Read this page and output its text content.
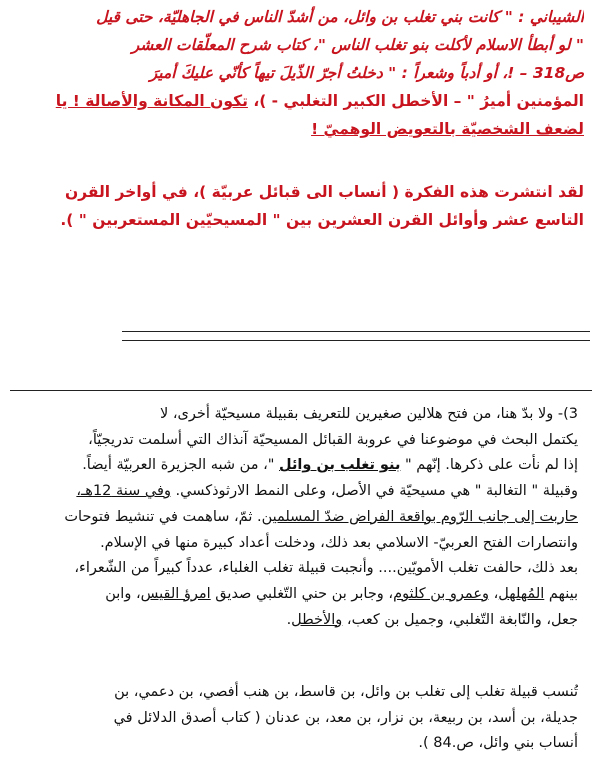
الشيباني : " كانت بني تغلب بن وائل، من أشدّ الناس في الجاهليّة، حتى قيل
" لو أبطأ الاسلام لأكلت بنو تغلب الناس "، كتاب شرح المعلّقات العشر
ص318 – !، أو أدباً وشعراً : " دخلتُ أجرّ الذّيلَ تيهاً كأنّي عليكَ أميرَ
المؤمنين أميرُ " – الأخطل الكبير التغلبي - )، تكون المكانة والأصالة ! يا
لضعف الشخصيّة بالتعويض الوهميّ !
لقد انتشرت هذه الفكرة ( أنساب الى قبائل عربيّة )، في أواخر القرن
التاسع عشر وأوائل القرن العشرين بين " المسيحيّين المستعربين " ).
3)- ولا بدّ هنا، من فتح هلالين صغيرين للتعريف بقبيلة مسيحيّة أخرى، لا
يكتمل البحث في موضوعنا في عروبة القبائل المسيحيّة آنذاك التي أسلمت تدريجيّاً،
إذا لم نأت على ذكرها. إنّهم " بنو تغلب بن وائل "، من شبه الجزيرة العربيّة أيضاً.
وقبيلة " التغالبة " هي مسيحيّة في الأصل، وعلى النمط الارثوذكسي. وفي سنة 12هـ،
حاربت إلى جانب الرّوم بواقعة الفراض ضدّ المسلمين. ثمّ، ساهمت في تنشيط فتوحات
وانتصارات الفتح العربيّ- الاسلامي بعد ذلك، ودخلت أعداد كبيرة منها في الإسلام.
بعد ذلك، حالفت تغلب الأمويّين.... وأنجبت قبيلة تغلب الغلباء، عدداً كبيراً من الشّعراء،
بينهم المُهلهل، وعمرو بن كلثوم، وجابر بن حني التّغلبي صديق امرؤ القيس، وابن
جعل، والنّابغة التّغلبي، وجميل بن كعب، والأخطل.
تُنسب قبيلة تغلب إلى تغلب بن وائل، بن قاسط، بن هنب أفصي، بن دعمي، بن
جديلة، بن أسد، بن ربيعة، بن نزار، بن معد، بن عدنان ( كتاب أصدق الدلائل في
أنساب بني وائل، ص.84 ).
